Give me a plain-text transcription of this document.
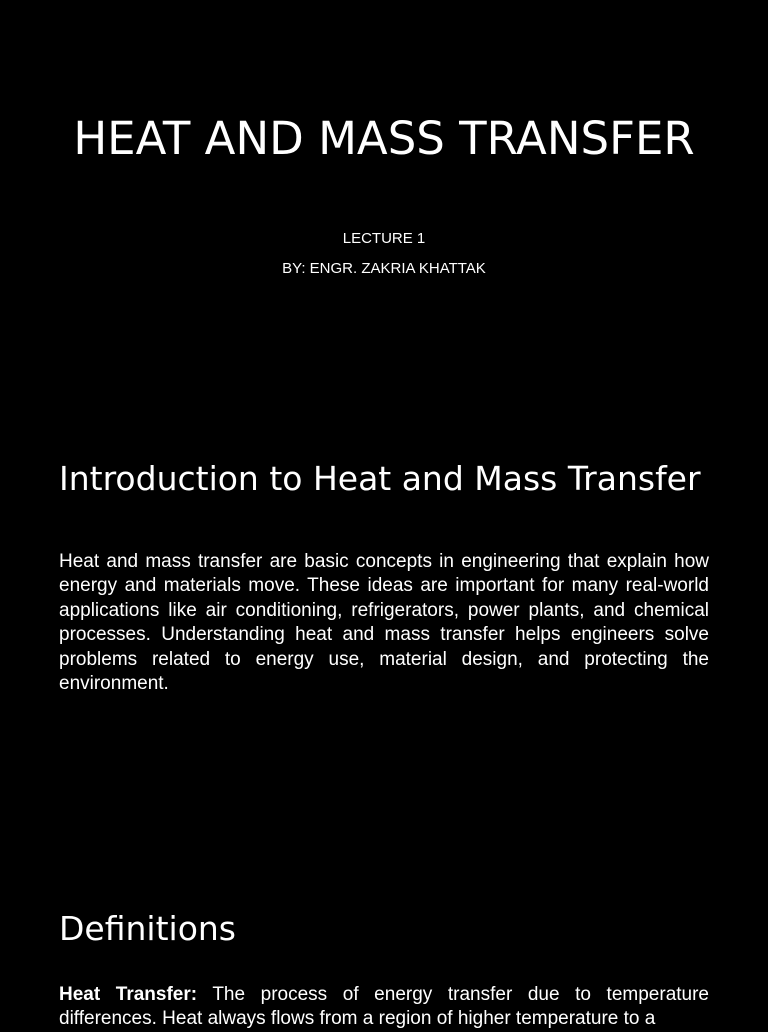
HEAT AND MASS TRANSFER

LECTURE 1

BY: ENGR. ZAKRIA KHATTAK

Introduction to Heat and Mass Transfer

Heat and mass transfer are basic concepts in engineering that explain how energy and materials move. These ideas are important for many real-world applications like air conditioning, refrigerators, power plants, and chemical processes. Understanding heat and mass transfer helps engineers solve problems related to energy use, material design, and protecting the environment.

Definitions

Heat Transfer: The process of energy transfer due to temperature differences. Heat always flows from a region of higher temperature to a
